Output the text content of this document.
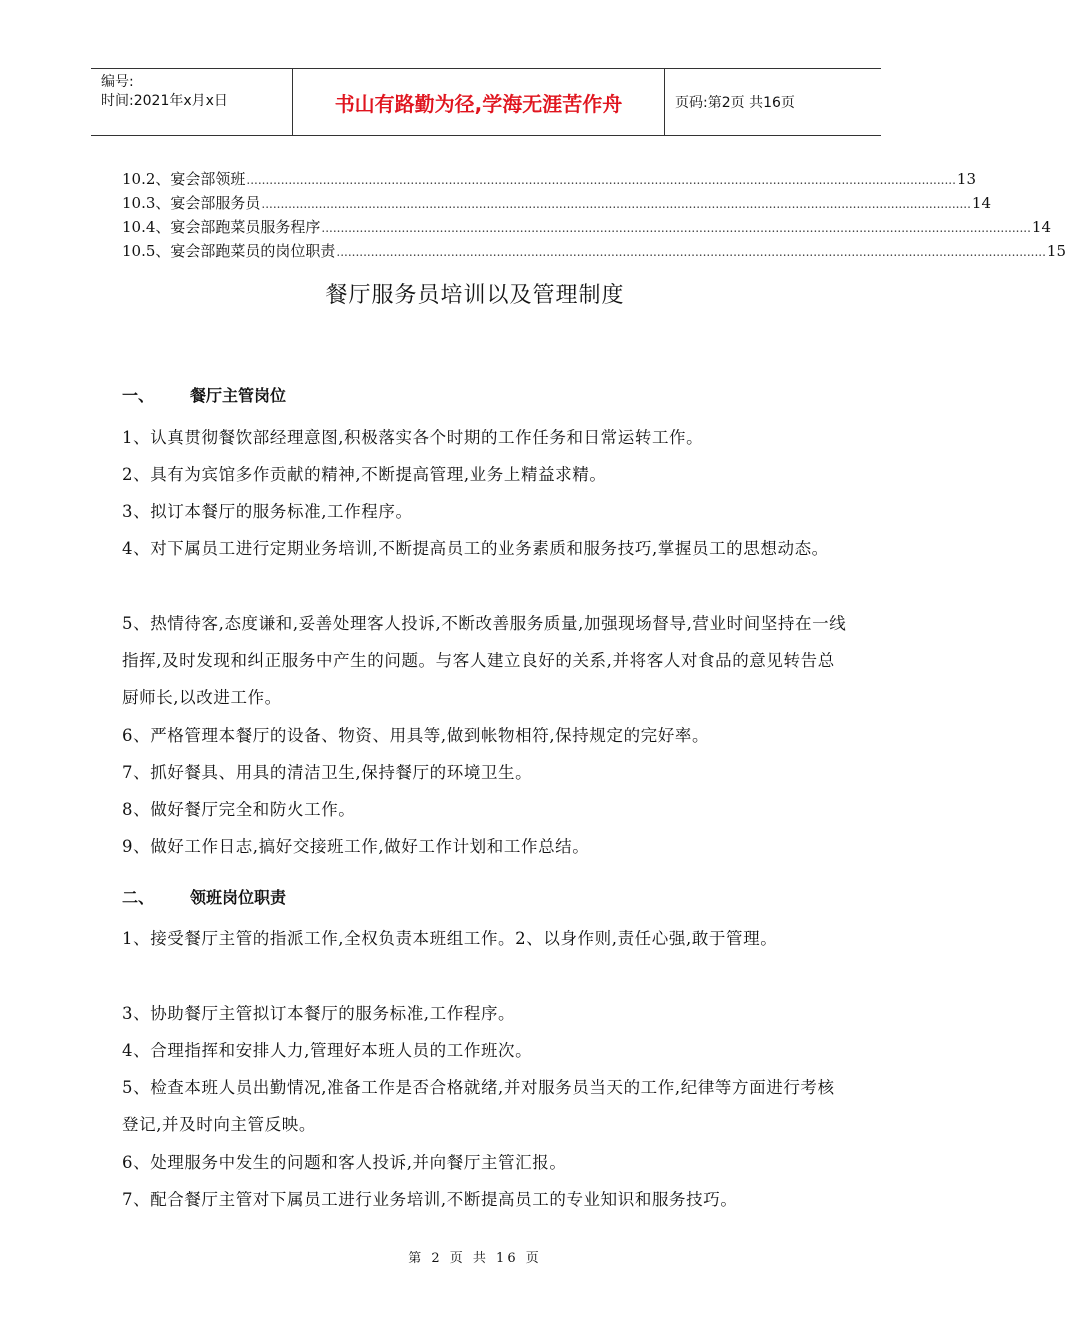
编号:
时间:2021年x月x日	书山有路勤为径,学海无涯苦作舟	页码:第2页 共16页
10.2、宴会部领班 .......................................................................................................................................................................................... 13
10.3、宴会部服务员 .......................................................................................................................................................................................... 14
10.4、宴会部跑菜员服务程序 .......................................................................................................................................................................................... 14
10.5、宴会部跑菜员的岗位职责 .......................................................................................................................................................................................... 15
餐厅服务员培训以及管理制度
一、 餐厅主管岗位
1、认真贯彻餐饮部经理意图,积极落实各个时期的工作任务和日常运转工作。
2、具有为宾馆多作贡献的精神,不断提高管理,业务上精益求精。
3、拟订本餐厅的服务标准,工作程序。
4、对下属员工进行定期业务培训,不断提高员工的业务素质和服务技巧,掌握员工的思想动态。
5、热情待客,态度谦和,妥善处理客人投诉,不断改善服务质量,加强现场督导,营业时间坚持在一线指挥,及时发现和纠正服务中产生的问题。与客人建立良好的关系,并将客人对食品的意见转告总厨师长,以改进工作。
6、严格管理本餐厅的设备、物资、用具等,做到帐物相符,保持规定的完好率。
7、抓好餐具、用具的清洁卫生,保持餐厅的环境卫生。
8、做好餐厅完全和防火工作。
9、做好工作日志,搞好交接班工作,做好工作计划和工作总结。
二、 领班岗位职责
1、接受餐厅主管的指派工作,全权负责本班组工作。2、以身作则,责任心强,敢于管理。
3、协助餐厅主管拟订本餐厅的服务标准,工作程序。
4、合理指挥和安排人力,管理好本班人员的工作班次。
5、检查本班人员出勤情况,准备工作是否合格就绪,并对服务员当天的工作,纪律等方面进行考核登记,并及时向主管反映。
6、处理服务中发生的问题和客人投诉,并向餐厅主管汇报。
7、配合餐厅主管对下属员工进行业务培训,不断提高员工的专业知识和服务技巧。
第 2 页 共 16 页
